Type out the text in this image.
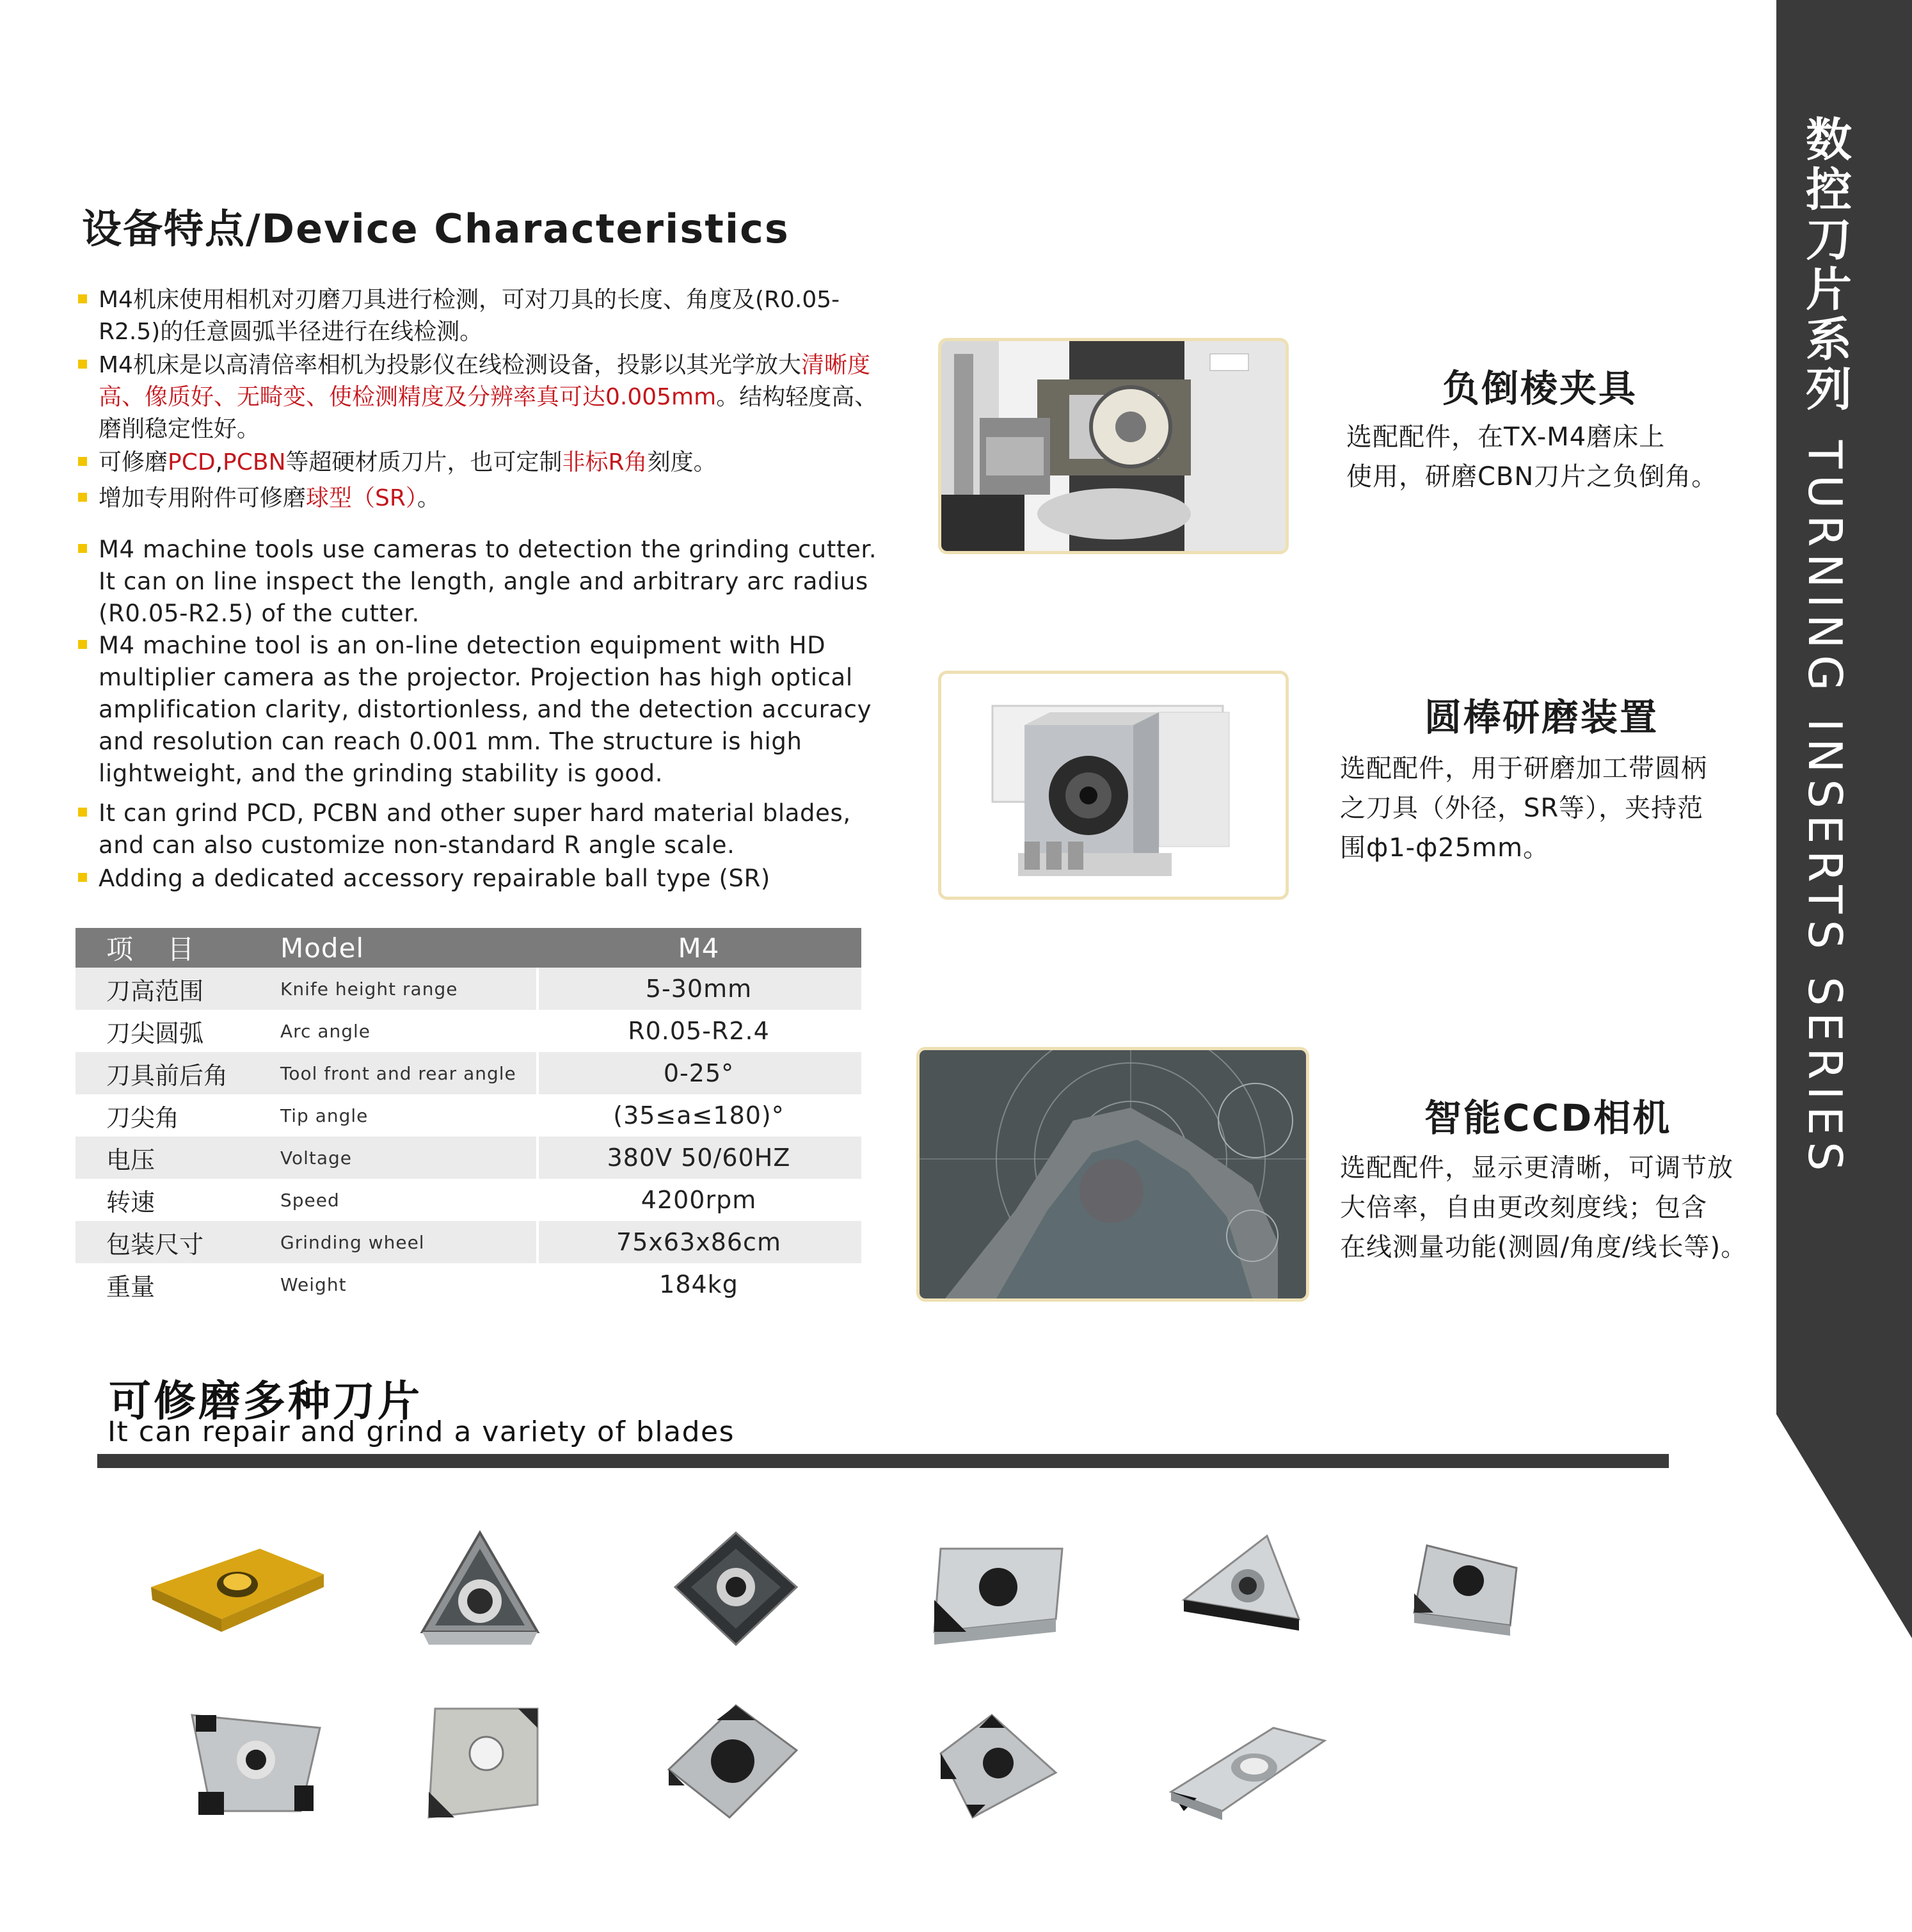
数控刀片系列TURNING INSERTS SERIES
设备特点/Device Characteristics
M4机床使用相机对刃磨刀具进行检测，可对刀具的长度、角度及(R0.05-R2.5)的任意圆弧半径进行在线检测。
M4机床是以高清倍率相机为投影仪在线检测设备，投影以其光学放大清晰度高、像质好、无畸变、使检测精度及分辨率真可达0.005mm。结构轻度高、磨削稳定性好。
可修磨PCD,PCBN等超硬材质刀片，也可定制非标R角刻度。
增加专用附件可修磨球型（SR）。
M4 machine tools use cameras to detection the grinding cutter. It can on line inspect the length, angle and arbitrary arc radius (R0.05-R2.5) of the cutter.
M4 machine tool is an on-line detection equipment with HD multiplier camera as the projector. Projection has high optical amplification clarity, distortionless, and the detection accuracy and resolution can reach 0.001 mm. The structure is high lightweight, and the grinding stability is good.
It can grind PCD, PCBN and other super hard material blades, and can also customize non-standard R angle scale.
Adding a dedicated accessory repairable ball type (SR)
项    目	Model	M4
刀高范围	Knife height range	5-30mm
刀尖圆弧	Arc angle	R0.05-R2.4
刀具前后角	Tool front and rear angle	0-25°
刀尖角	Tip angle	(35≤a≤180)°
电压	Voltage	380V 50/60HZ
转速	Speed	4200rpm
包装尺寸	Grinding wheel	75x63x86cm
重量	Weight	184kg
负倒棱夹具
选配配件，在TX-M4磨床上
使用，研磨CBN刀片之负倒角。
圆棒研磨装置
选配配件，用于研磨加工带圆柄
之刀具（外径，SR等），夹持范
围ф1-ф25mm。
智能CCD相机
选配配件，显示更清晰，可调节放
大倍率，自由更改刻度线；包含
在线测量功能(测圆/角度/线长等)。
可修磨多种刀片
It can repair and grind a variety of blades
